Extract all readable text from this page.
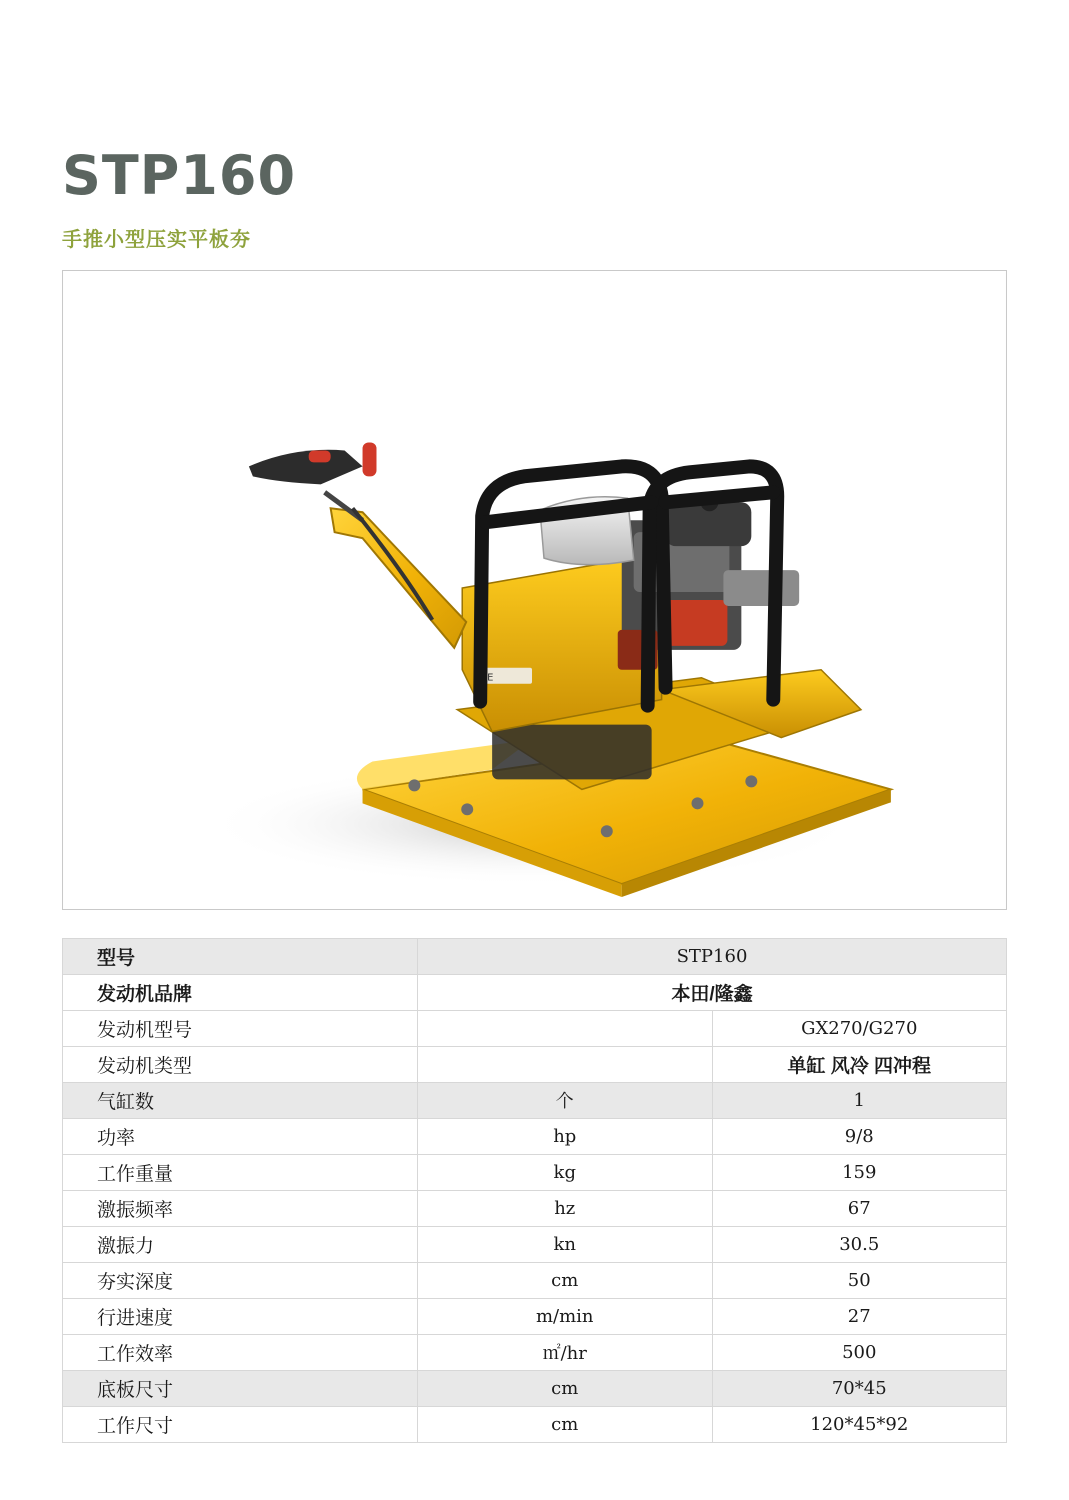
STP160
手推小型压实平板夯
CE
型号	STP160	
发动机品牌	本田/隆鑫	
发动机型号		GX270/G270
发动机类型		单缸 风冷 四冲程
气缸数	个	1
功率	hp	9/8
工作重量	kg	159
激振频率	hz	67
激振力	kn	30.5
夯实深度	cm	50
行进速度	m/min	27
工作效率	㎡/hr	500
底板尺寸	cm	70*45
工作尺寸	cm	120*45*92
